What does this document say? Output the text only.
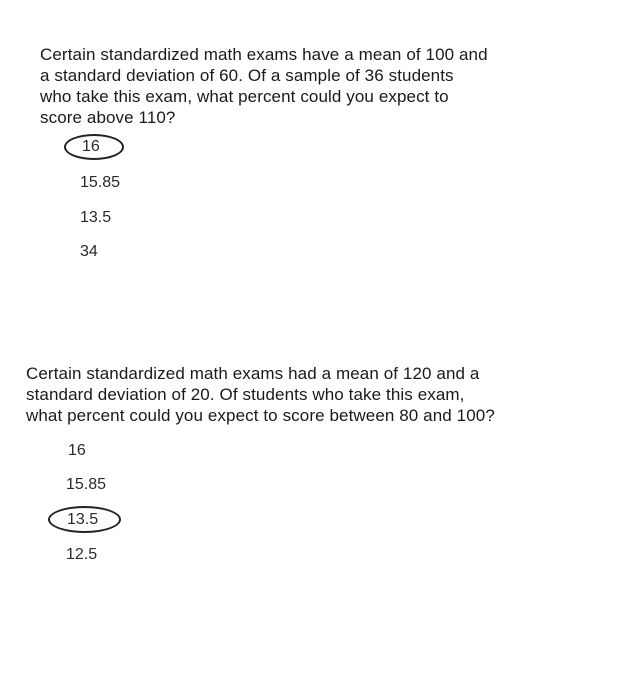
Certain standardized math exams have a mean of 100 and
a standard deviation of 60. Of a sample of 36 students
who take this exam, what percent could you expect to
score above 110?
16
15.85
13.5
34
Certain standardized math exams had a mean of 120 and a
standard deviation of 20. Of students who take this exam,
what percent could you expect to score between 80 and 100?
16
15.85
13.5
12.5
